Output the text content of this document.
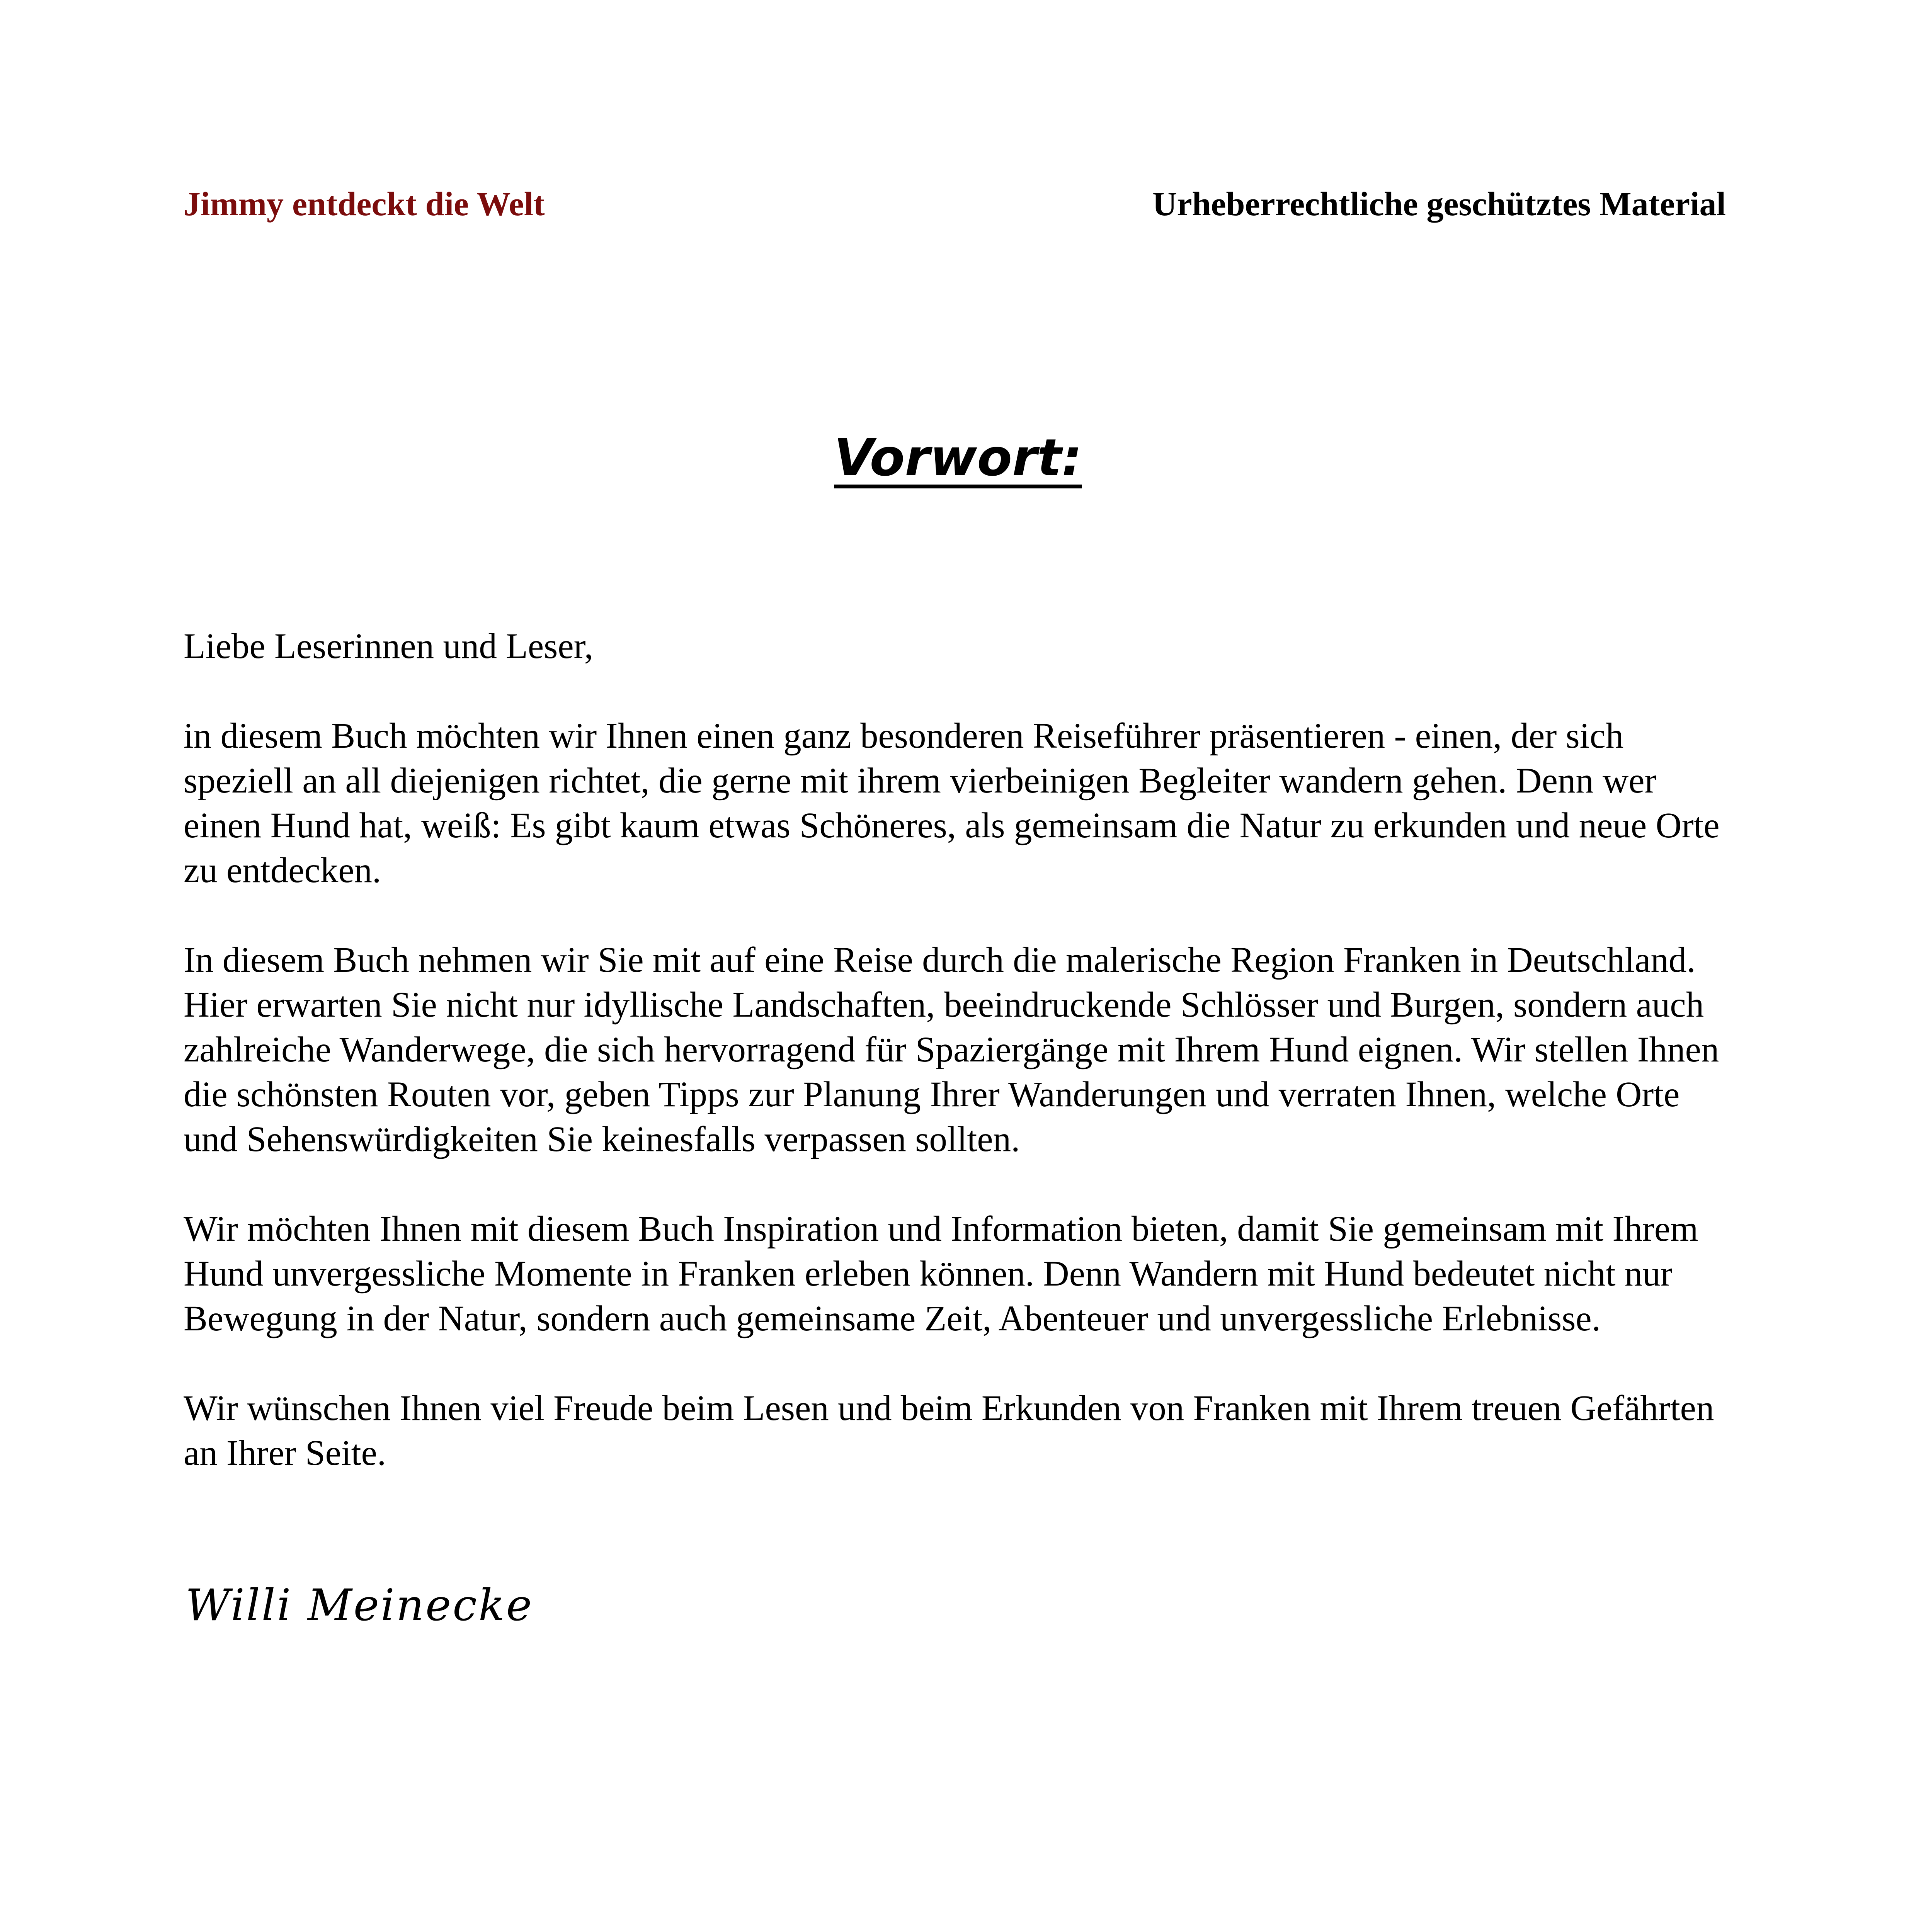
Jimmy entdeckt die Welt	Urheberrechtliche geschütztes Material
Vorwort:

Liebe Leserinnen und Leser,

in diesem Buch möchten wir Ihnen einen ganz besonderen Reiseführer präsentieren - einen, der sich speziell an all diejenigen richtet, die gerne mit ihrem vierbeinigen Begleiter wandern gehen. Denn wer einen Hund hat, weiß: Es gibt kaum etwas Schöneres, als gemeinsam die Natur zu erkunden und neue Orte zu entdecken.

In diesem Buch nehmen wir Sie mit auf eine Reise durch die malerische Region Franken in Deutschland. Hier erwarten Sie nicht nur idyllische Landschaften, beeindruckende Schlösser und Burgen, sondern auch zahlreiche Wanderwege, die sich hervorragend für Spaziergänge mit Ihrem Hund eignen. Wir stellen Ihnen die schönsten Routen vor, geben Tipps zur Planung Ihrer Wanderungen und verraten Ihnen, welche Orte und Sehenswürdigkeiten Sie keinesfalls verpassen sollten.

Wir möchten Ihnen mit diesem Buch Inspiration und Information bieten, damit Sie gemeinsam mit Ihrem Hund unvergessliche Momente in Franken erleben können. Denn Wandern mit Hund bedeutet nicht nur Bewegung in der Natur, sondern auch gemeinsame Zeit, Abenteuer und unvergessliche Erlebnisse.

Wir wünschen Ihnen viel Freude beim Lesen und beim Erkunden von Franken mit Ihrem treuen Gefährten an Ihrer Seite.

Willi Meinecke
